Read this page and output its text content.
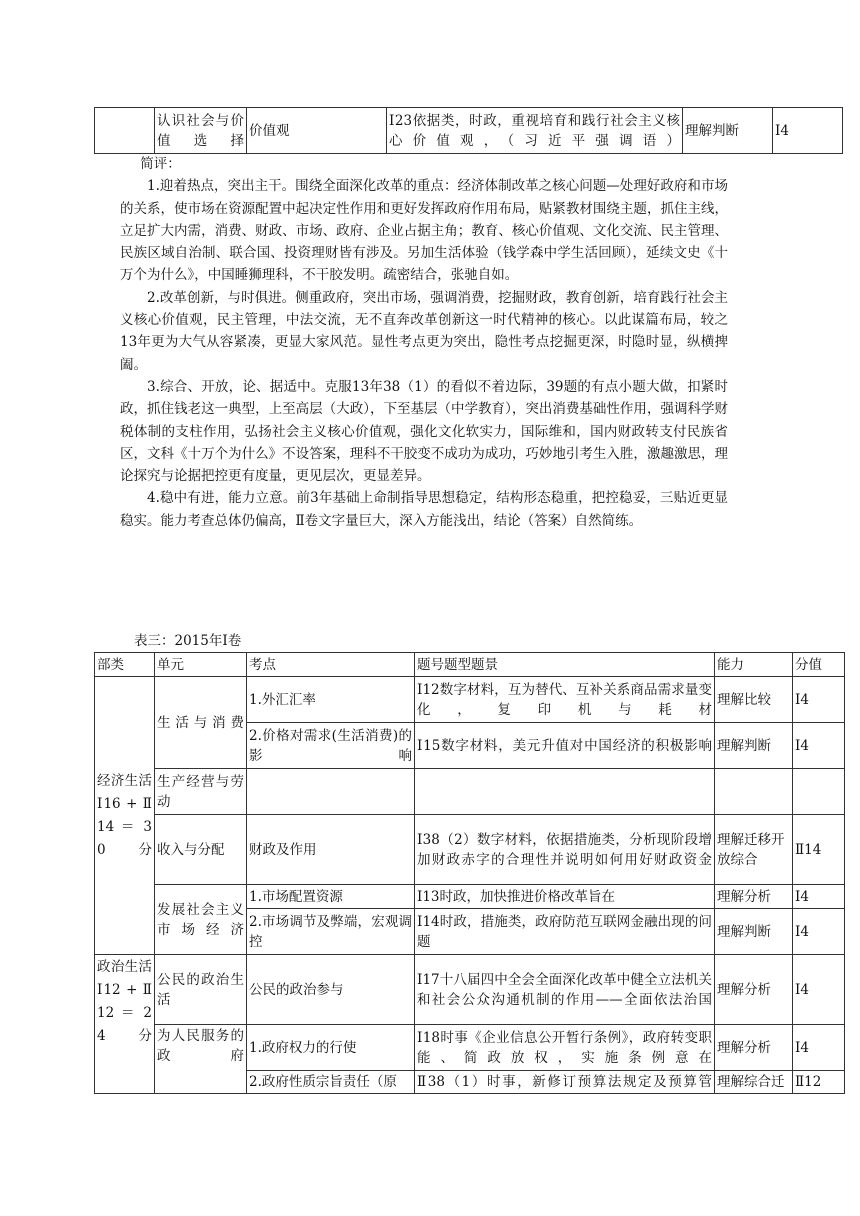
	认识社会与价值选择	价值观	Ⅰ23依据类，时政，重视培育和践行社会主义核心价值观，（习近平强调语）	理解判断	Ⅰ4
简评：

1.迎着热点，突出主干。围绕全面深化改革的重点：经济体制改革之核心问题—处理好政府和市场的关系，使市场在资源配置中起决定性作用和更好发挥政府作用布局，贴紧教材围绕主题，抓住主线，立足扩大内需，消费、财政、市场、政府、企业占据主角；教育、核心价值观、文化交流、民主管理、民族区域自治制、联合国、投资理财皆有涉及。另加生活体验（钱学森中学生活回顾），延续文史《十万个为什么》，中国睡狮理科，不干胶发明。疏密结合，张驰自如。

2.改革创新，与时俱进。侧重政府，突出市场，强调消费，挖掘财政，教育创新，培育践行社会主义核心价值观，民主管理，中法交流，无不直奔改革创新这一时代精神的核心。以此谋篇布局，较之13年更为大气从容紧凑，更显大家风范。显性考点更为突出，隐性考点挖掘更深，时隐时显，纵横捭阖。

3.综合、开放，论、据适中。克服13年38（1）的看似不着边际，39题的有点小题大做，扣紧时政，抓住钱老这一典型，上至高层（大政），下至基层（中学教育），突出消费基础性作用，强调科学财税体制的支柱作用，弘扬社会主义核心价值观，强化文化软实力，国际维和，国内财政转支付民族省区，文科《十万个为什么》不设答案，理科不干胶变不成功为成功，巧妙地引考生入胜，激趣激思，理论探究与论据把控更有度量，更见层次，更显差异。

4.稳中有进，能力立意。前3年基础上命制指导思想稳定，结构形态稳重，把控稳妥，三贴近更显稳实。能力考查总体仍偏高，Ⅱ卷文字量巨大，深入方能浅出，结论（答案）自然简练。

表三：2015年Ⅰ卷
部类	单元	考点	题号题型题景	能力	分值
经济生活Ⅰ16 + Ⅱ14 ＝ 30分	生活与消费	1.外汇汇率	Ⅰ12数字材料，互为替代、互补关系商品需求量变化，复印机与耗材	理解比较	Ⅰ4
		2.价格对需求(生活消费)的影响	Ⅰ15数字材料，美元升值对中国经济的积极影响	理解判断	Ⅰ4
	生产经营与劳动				
	收入与分配	财政及作用	Ⅰ38（2）数字材料，依据措施类，分析现阶段增加财政赤字的合理性并说明如何用好财政资金	理解迁移开放综合	Ⅱ14
	发展社会主义市场经济	1.市场配置资源	Ⅰ13时政，加快推进价格改革旨在	理解分析	Ⅰ4
		2.市场调节及弊端，宏观调控	Ⅰ14时政，措施类，政府防范互联网金融出现的问题	理解判断	Ⅰ4
政治生活Ⅰ12 + Ⅱ12 ＝ 24分	公民的政治生活	公民的政治参与	Ⅰ17十八届四中全会全面深化改革中健全立法机关和社会公众沟通机制的作用——全面依法治国	理解分析	Ⅰ4
	为人民服务的政府	1.政府权力的行使	Ⅰ18时事《企业信息公开暂行条例》，政府转变职能、简政放权，实施条例意在	理解分析	Ⅰ4
		2.政府性质宗旨责任（原	Ⅱ38（1）时事，新修订预算法规定及预算管	理解综合迁	Ⅱ12
